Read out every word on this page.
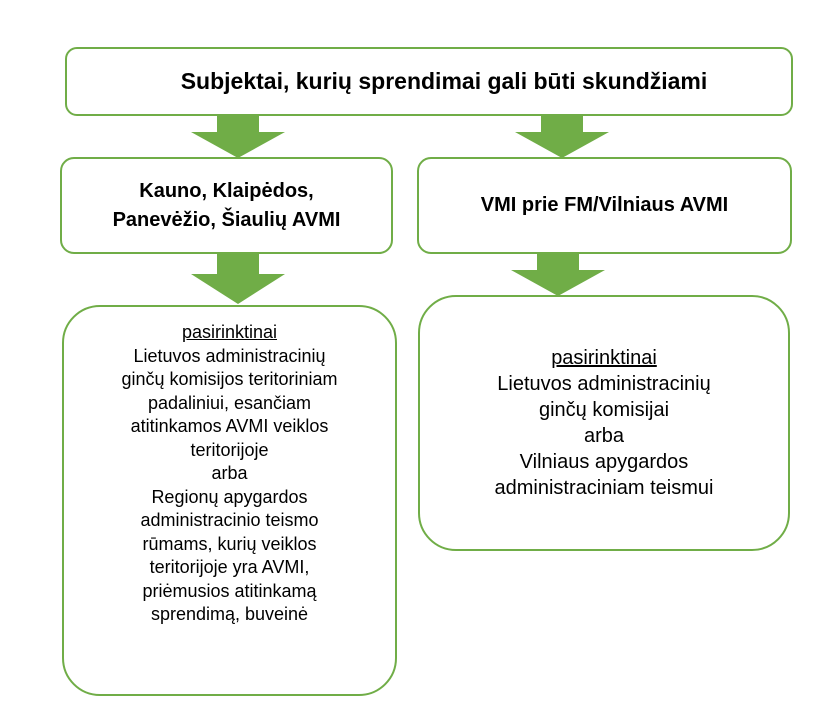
Subjektai, kurių sprendimai gali būti skundžiami
Kauno, Klaipėdos,
Panevėžio, Šiaulių AVMI
VMI prie FM/Vilniaus AVMI
pasirinktinai
Lietuvos administracinių
ginčų komisijos teritoriniam
padaliniui, esančiam
atitinkamos AVMI veiklos
teritorijoje
arba
Regionų apygardos
administracinio teismo
rūmams, kurių veiklos
teritorijoje yra AVMI,
priėmusios atitinkamą
sprendimą, buveinė
pasirinktinai
Lietuvos administracinių
ginčų komisijai
arba
Vilniaus apygardos
administraciniam teismui
